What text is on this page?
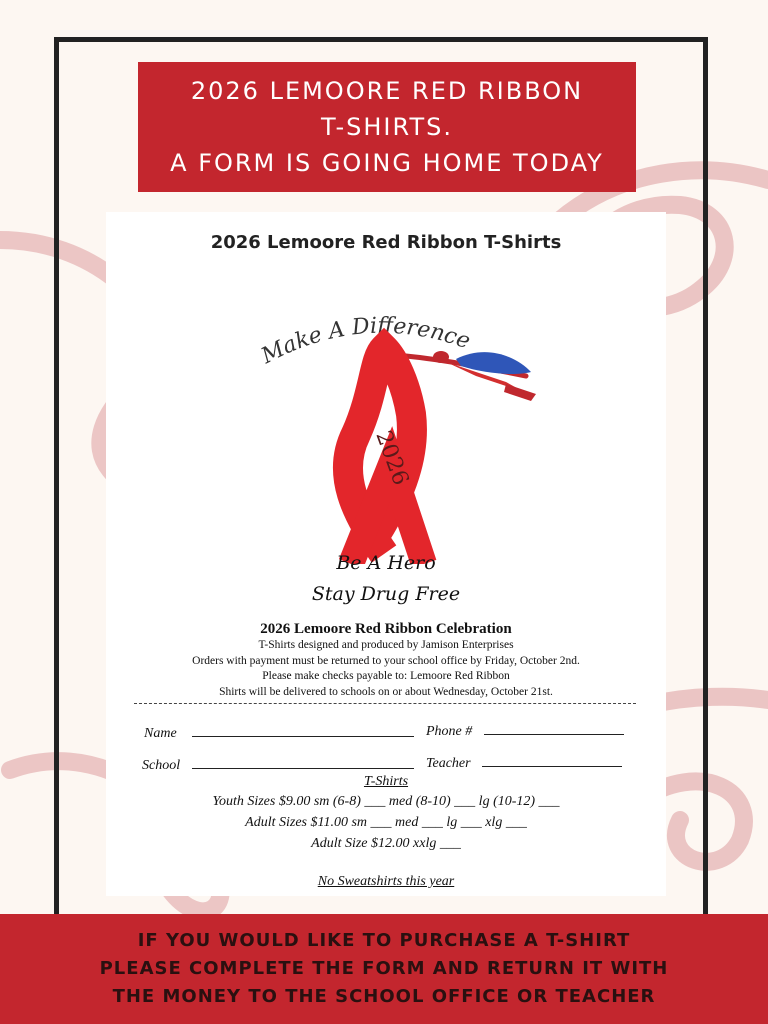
2026 LEMOORE RED RIBBON
T-SHIRTS.
A FORM IS GOING HOME TODAY
2026 Lemoore Red Ribbon T-Shirts
Make A Difference
2026
Be A Hero
Stay Drug Free
2026 Lemoore Red Ribbon Celebration
T-Shirts designed and produced by Jamison Enterprises
Orders with payment must be returned to your school office by Friday, October 2nd.
Please make checks payable to: Lemoore Red Ribbon
Shirts will be delivered to schools on or about Wednesday, October 21st.
Name	Phone #
School	Teacher
T-Shirts
Youth Sizes $9.00 sm (6-8) ___ med (8-10) ___ lg (10-12) ___
Adult Sizes $11.00 sm ___ med ___ lg ___ xlg ___
Adult Size $12.00 xxlg ___
No Sweatshirts this year
IF YOU WOULD LIKE TO PURCHASE A T-SHIRT
PLEASE COMPLETE THE FORM AND RETURN IT WITH
THE MONEY TO THE SCHOOL OFFICE OR TEACHER
